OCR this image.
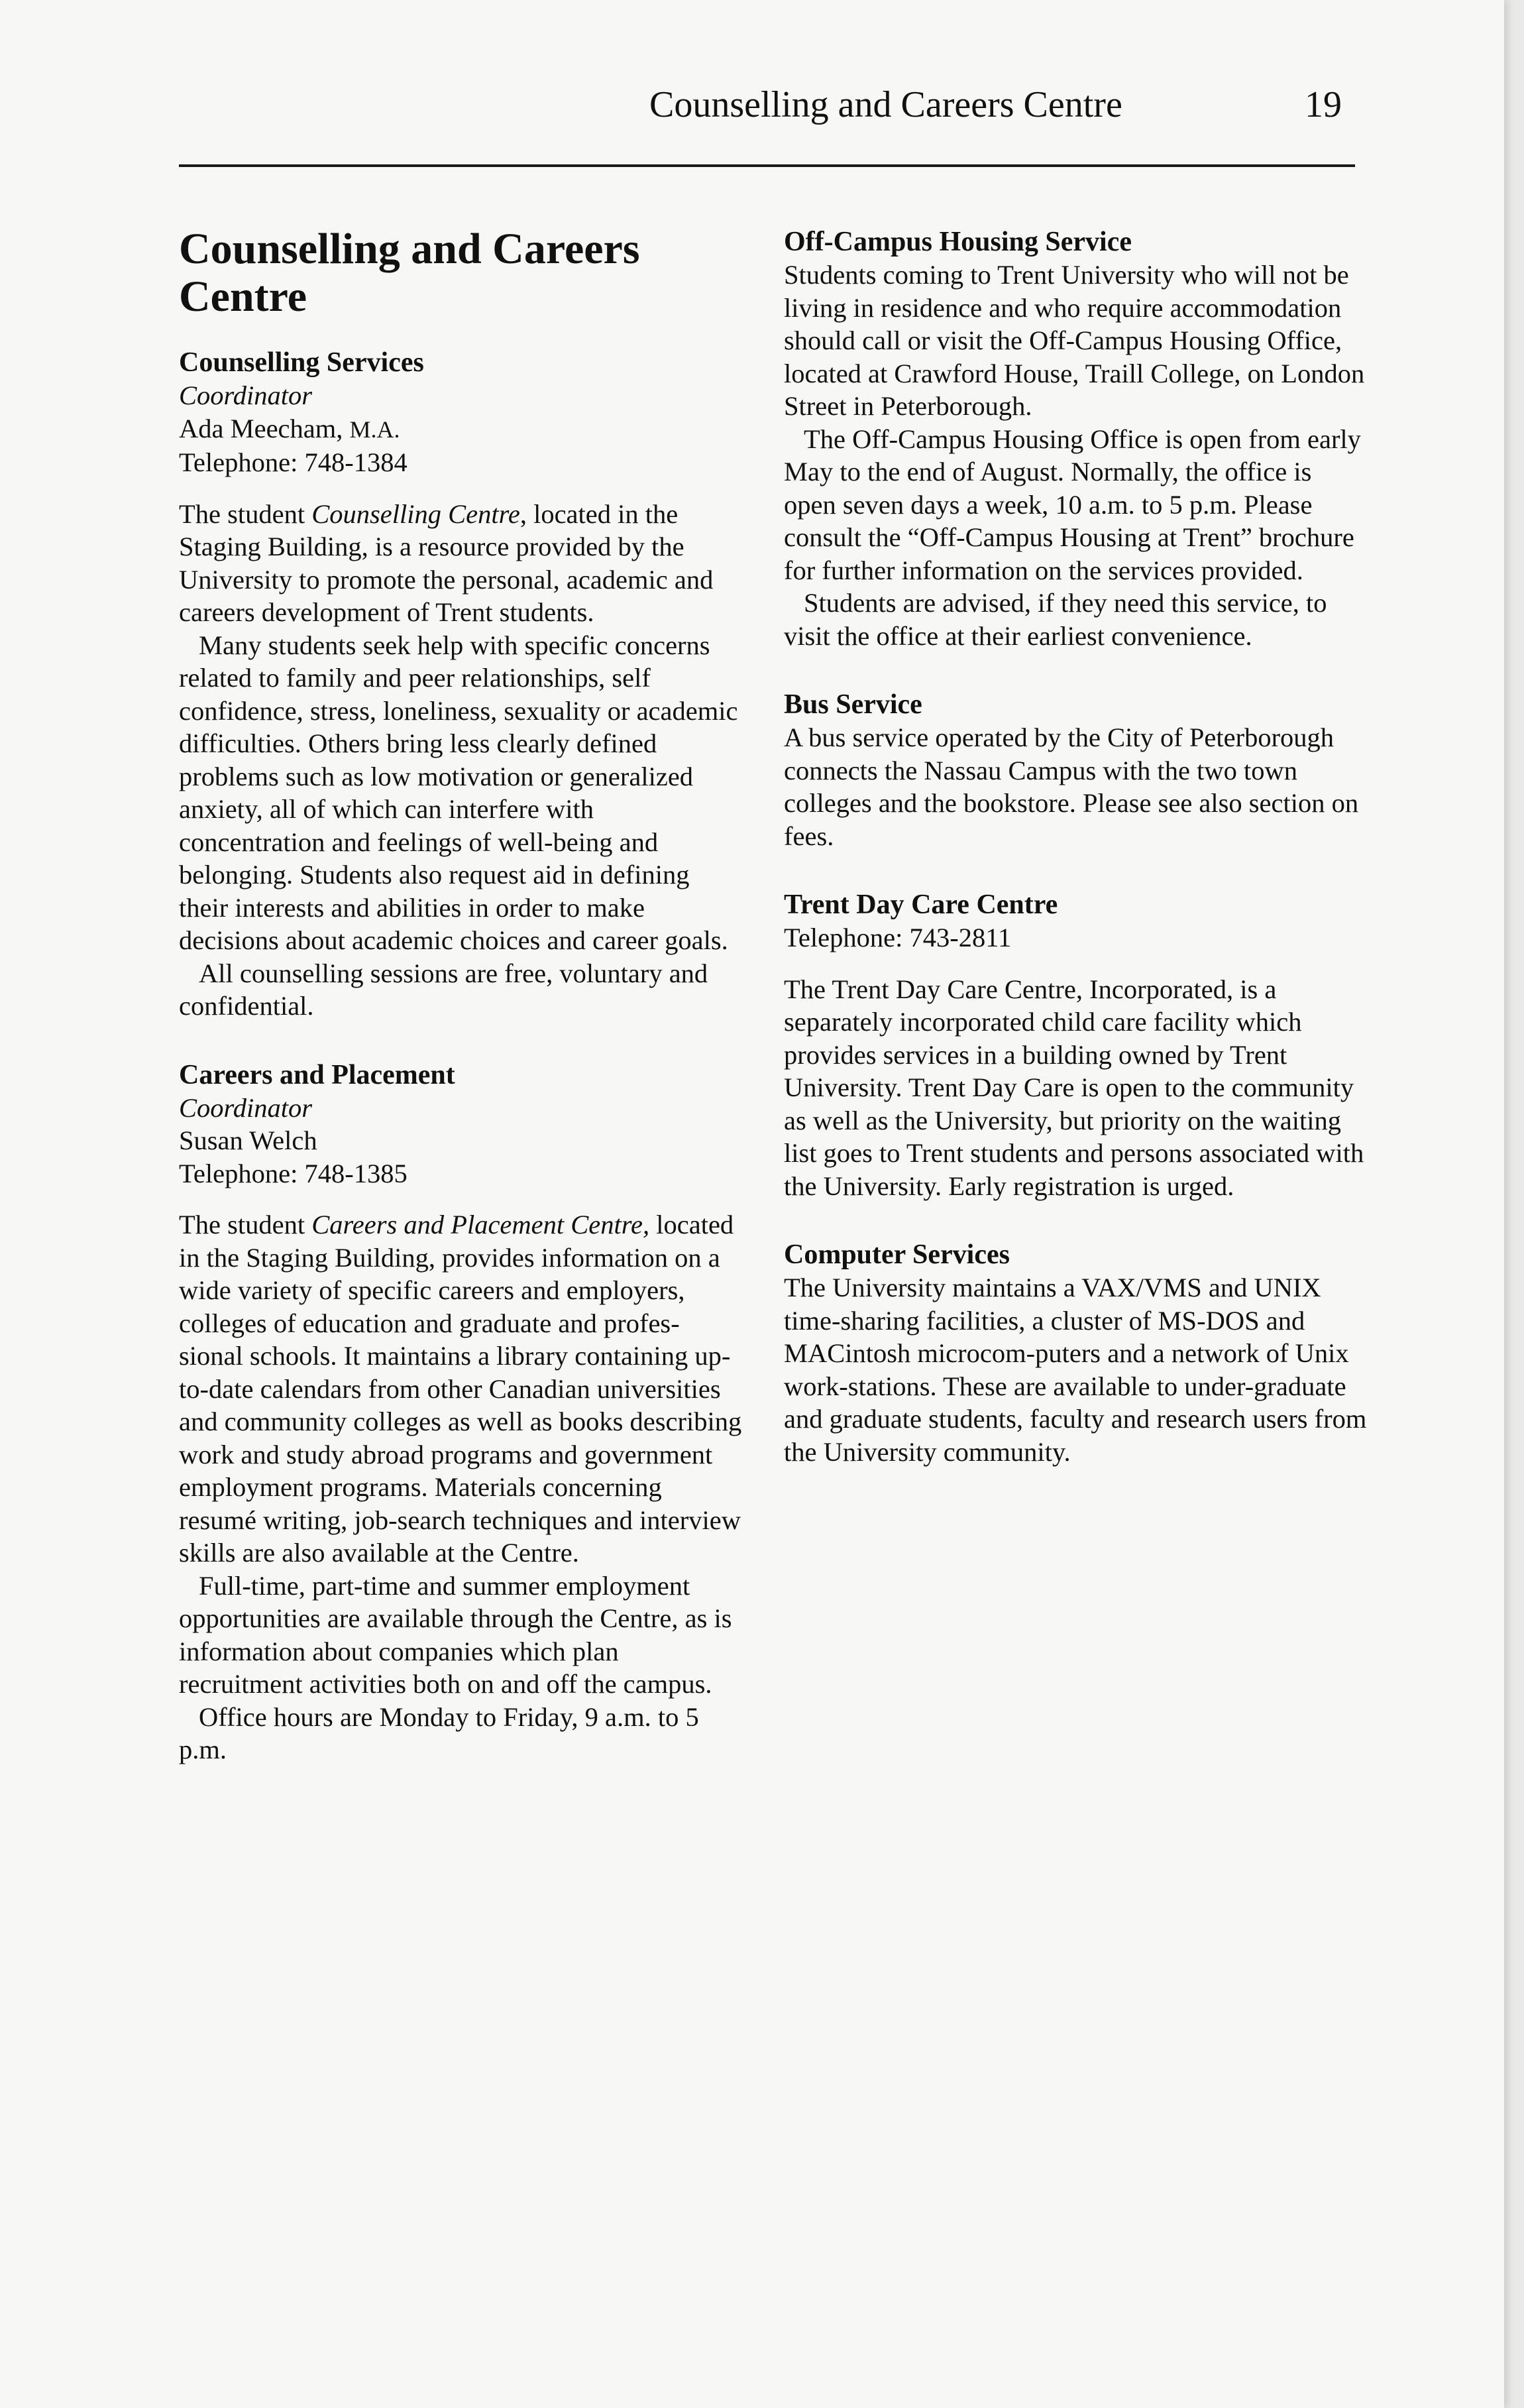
Counselling and Careers Centre	19
Counselling and Careers Centre
Counselling Services

Coordinator

Ada Meecham, M.A.

Telephone: 748-1384

The student Counselling Centre, located in the Staging Building, is a resource provided by the University to promote the personal, academic and careers development of Trent students.

Many students seek help with specific concerns related to family and peer relationships, self confidence, stress, loneliness, sexuality or academic difficulties. Others bring less clearly defined problems such as low motivation or generalized anxiety, all of which can interfere with concentration and feelings of well-being and belonging. Students also request aid in defining their interests and abilities in order to make decisions about academic choices and career goals.

All counselling sessions are free, voluntary and confidential.

Careers and Placement

Coordinator

Susan Welch

Telephone: 748-1385

The student Careers and Placement Centre, located in the Staging Building, provides information on a wide variety of specific careers and employers, colleges of education and graduate and profes-sional schools. It maintains a library containing up-to-date calendars from other Canadian universities and community colleges as well as books describing work and study abroad programs and government employment programs. Materials concerning resumé writing, job-search techniques and interview skills are also available at the Centre.

Full-time, part-time and summer employment opportunities are available through the Centre, as is information about companies which plan recruitment activities both on and off the campus.

Office hours are Monday to Friday, 9 a.m. to 5 p.m.

Off-Campus Housing Service

Students coming to Trent University who will not be living in residence and who require accommodation should call or visit the Off-Campus Housing Office, located at Crawford House, Traill College, on London Street in Peterborough.

The Off-Campus Housing Office is open from early May to the end of August. Normally, the office is open seven days a week, 10 a.m. to 5 p.m. Please consult the “Off-Campus Housing at Trent” brochure for further information on the services provided.

Students are advised, if they need this service, to visit the office at their earliest convenience.

Bus Service

A bus service operated by the City of Peterborough connects the Nassau Campus with the two town colleges and the bookstore. Please see also section on fees.

Trent Day Care Centre

Telephone: 743-2811

The Trent Day Care Centre, Incorporated, is a separately incorporated child care facility which provides services in a building owned by Trent University. Trent Day Care is open to the community as well as the University, but priority on the waiting list goes to Trent students and persons associated with the University. Early registration is urged.

Computer Services

The University maintains a VAX/VMS and UNIX time-sharing facilities, a cluster of MS-DOS and MACintosh microcom-puters and a network of Unix work-stations. These are available to under-graduate and graduate students, faculty and research users from the University community.
